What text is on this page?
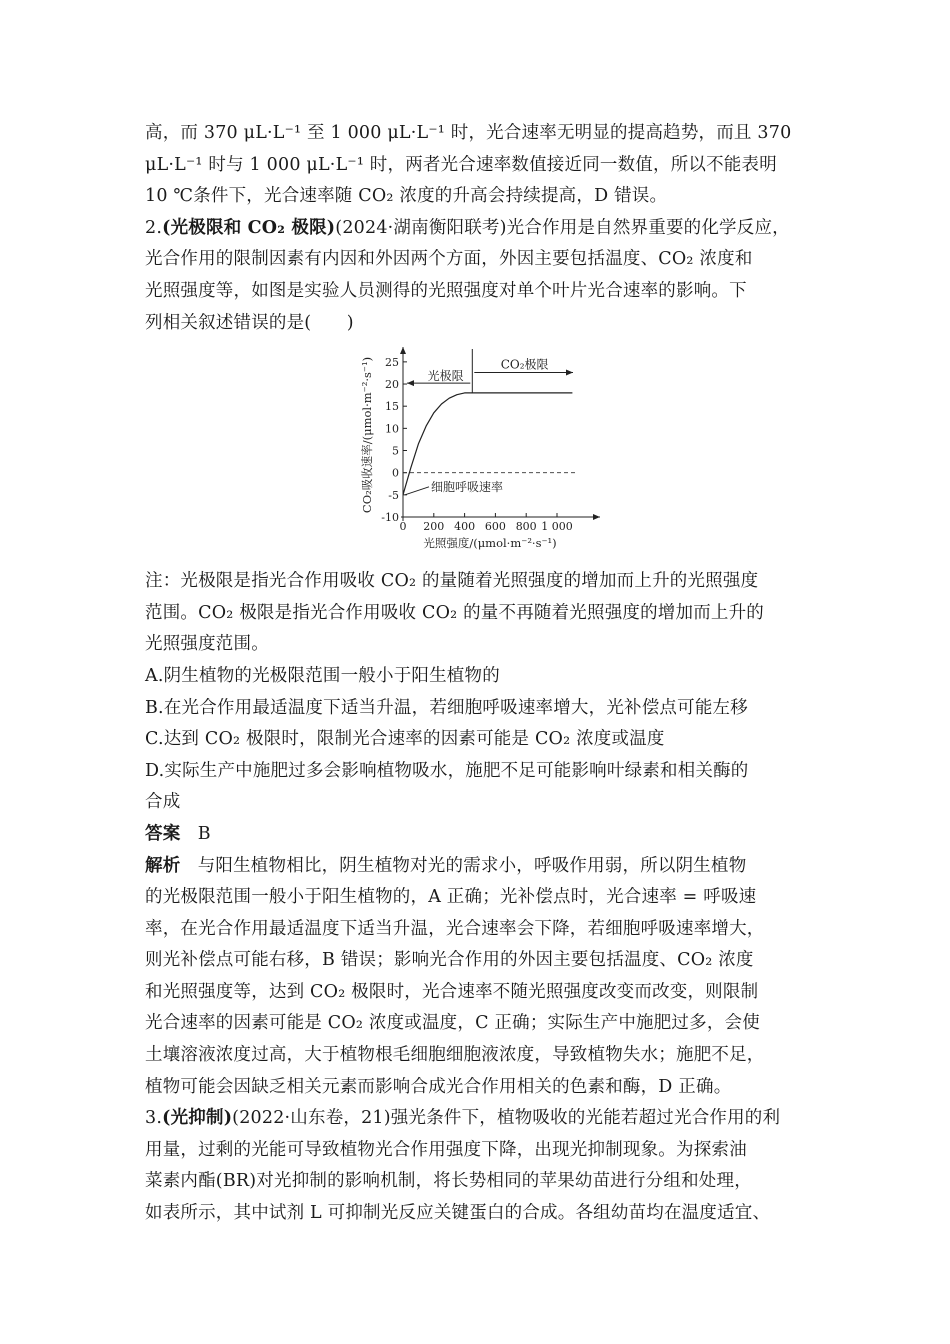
高，而 370 μL·L⁻¹ 至 1 000 μL·L⁻¹ 时，光合速率无明显的提高趋势，而且 370
μL·L⁻¹ 时与 1 000 μL·L⁻¹ 时，两者光合速率数值接近同一数值，所以不能表明
10 ℃条件下，光合速率随 CO₂ 浓度的升高会持续提高，D 错误。
2.(光极限和 CO₂ 极限)(2024·湖南衡阳联考)光合作用是自然界重要的化学反应，
光合作用的限制因素有内因和外因两个方面，外因主要包括温度、CO₂ 浓度和
光照强度等，如图是实验人员测得的光照强度对单个叶片光合速率的影响。下
列相关叙述错误的是(　　)
-10
-5
0
5
10
15
20
25
0 200 400 600 800 1 000
光极限
CO₂极限
细胞呼吸速率
CO₂吸收速率/(μmol·m⁻²·s⁻¹)
光照强度/(μmol·m⁻²·s⁻¹)
注：光极限是指光合作用吸收 CO₂ 的量随着光照强度的增加而上升的光照强度
范围。CO₂ 极限是指光合作用吸收 CO₂ 的量不再随着光照强度的增加而上升的
光照强度范围。
A.阴生植物的光极限范围一般小于阳生植物的
B.在光合作用最适温度下适当升温，若细胞呼吸速率增大，光补偿点可能左移
C.达到 CO₂ 极限时，限制光合速率的因素可能是 CO₂ 浓度或温度
D.实际生产中施肥过多会影响植物吸水，施肥不足可能影响叶绿素和相关酶的
合成
答案 B
解析 与阳生植物相比，阴生植物对光的需求小，呼吸作用弱，所以阴生植物
的光极限范围一般小于阳生植物的，A 正确；光补偿点时，光合速率 = 呼吸速
率，在光合作用最适温度下适当升温，光合速率会下降，若细胞呼吸速率增大，
则光补偿点可能右移，B 错误；影响光合作用的外因主要包括温度、CO₂ 浓度
和光照强度等，达到 CO₂ 极限时，光合速率不随光照强度改变而改变，则限制
光合速率的因素可能是 CO₂ 浓度或温度，C 正确；实际生产中施肥过多，会使
土壤溶液浓度过高，大于植物根毛细胞细胞液浓度，导致植物失水；施肥不足，
植物可能会因缺乏相关元素而影响合成光合作用相关的色素和酶，D 正确。
3.(光抑制)(2022·山东卷，21)强光条件下，植物吸收的光能若超过光合作用的利
用量，过剩的光能可导致植物光合作用强度下降，出现光抑制现象。为探索油
菜素内酯(BR)对光抑制的影响机制，将长势相同的苹果幼苗进行分组和处理，
如表所示，其中试剂 L 可抑制光反应关键蛋白的合成。各组幼苗均在温度适宜、
